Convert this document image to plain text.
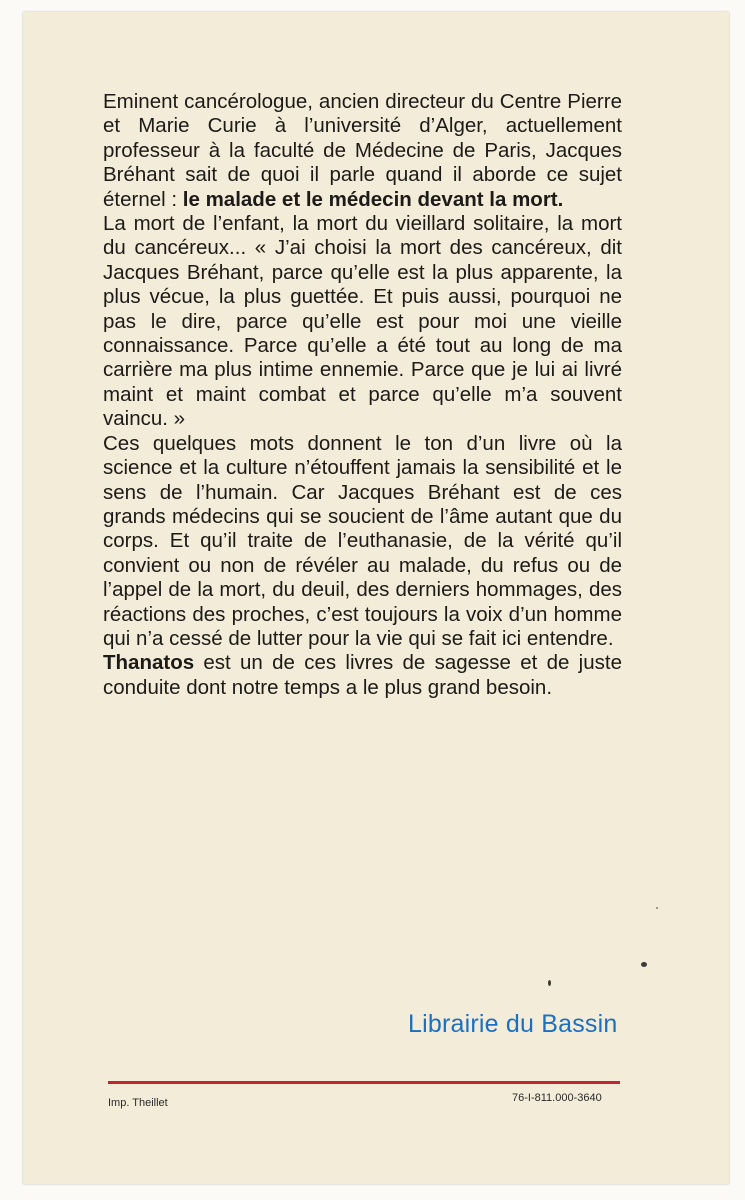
Eminent cancérologue, ancien directeur du Centre Pierre et Marie Curie à l’université d’Alger, actuellement professeur à la faculté de Médecine de Paris, Jacques Bréhant sait de quoi il parle quand il aborde ce sujet éternel : le malade et le médecin devant la mort.

La mort de l’enfant, la mort du vieillard solitaire, la mort du cancéreux... « J’ai choisi la mort des cancéreux, dit Jacques Bréhant, parce qu’elle est la plus apparente, la plus vécue, la plus guettée. Et puis aussi, pourquoi ne pas le dire, parce qu’elle est pour moi une vieille connaissance. Parce qu’elle a été tout au long de ma carrière ma plus intime ennemie. Parce que je lui ai livré maint et maint combat et parce qu’elle m’a souvent vaincu. »

Ces quelques mots donnent le ton d’un livre où la science et la culture n’étouffent jamais la sensibilité et le sens de l’humain. Car Jacques Bréhant est de ces grands médecins qui se soucient de l’âme autant que du corps. Et qu’il traite de l’euthanasie, de la vérité qu’il convient ou non de révéler au malade, du refus ou de l’appel de la mort, du deuil, des derniers hommages, des réactions des proches, c’est toujours la voix d’un homme qui n’a cessé de lutter pour la vie qui se fait ici entendre.

Thanatos est un de ces livres de sagesse et de juste conduite dont notre temps a le plus grand besoin.

Librairie du Bassin
Imp. Theillet	76-I-811.000-3640
